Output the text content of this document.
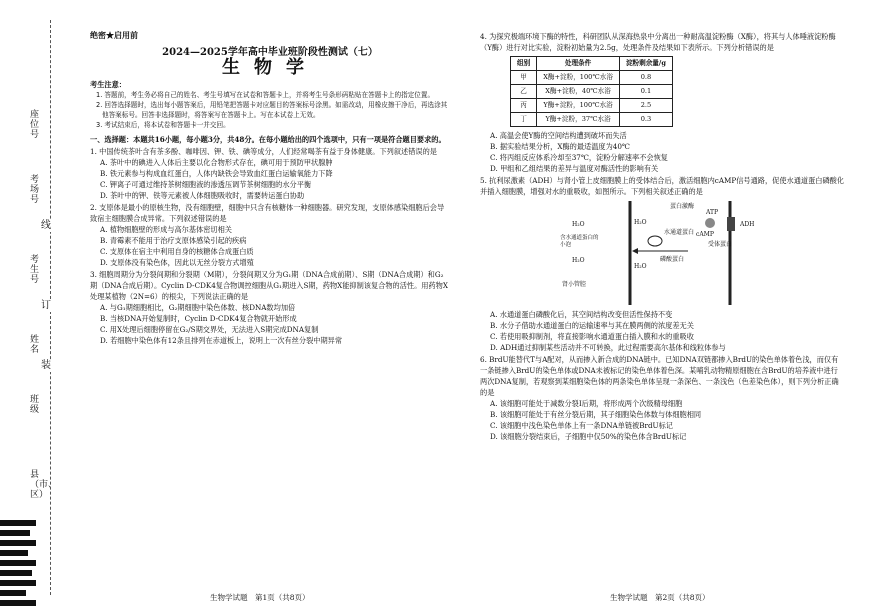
座位号
考场号
考生号
姓名
班级
县（市、区）
线
订
装
绝密★启用前
2024—2025学年高中毕业班阶段性测试（七）
生物学
考生注意：

1. 答题前，考生务必将自己的姓名、考生号填写在试卷和答题卡上，并将考生号条形码粘贴在答题卡上的指定位置。

2. 回答选择题时，选出每小题答案后，用铅笔把答题卡对应题目的答案标号涂黑。如需改动，用橡皮擦干净后，再选涂其他答案标号。回答非选择题时，将答案写在答题卡上。写在本试卷上无效。

3. 考试结束后，将本试卷和答题卡一并交回。

一、选择题：本题共16小题，每小题3分，共48分。在每小题给出的四个选项中，只有一项是符合题目要求的。

1. 中国传统茶叶含有茶多酚、咖啡因、钾、铁、碘等成分，人们经常喝茶有益于身体健康。下列叙述错误的是

A. 茶叶中的碘进入人体后主要以化合物形式存在，碘可用于预防甲状腺肿

B. 铁元素参与构成血红蛋白，人体内缺铁会导致血红蛋白运输氧能力下降

C. 钾离子可通过维持茶树细胞液的渗透压调节茶树细胞的水分平衡

D. 茶叶中的钾、铁等元素被人体细胞吸收时，需要转运蛋白协助

2. 支原体是最小的原核生物，没有细胞壁，细胞中只含有核糖体一种细胞器。研究发现，支原体感染细胞后会导致宿主细胞膜合成异常。下列叙述错误的是

A. 植物细胞壁的形成与高尔基体密切相关

B. 青霉素不能用于治疗支原体感染引起的疾病

C. 支原体在宿主中利用自身的核糖体合成蛋白质

D. 支原体没有染色体，因此以无丝分裂方式增殖

3. 细胞周期分为分裂间期和分裂期（M期），分裂间期又分为G₁期（DNA合成前期）、S期（DNA合成期）和G₂期（DNA合成后期）。Cyclin D-CDK4复合物调控细胞从G₁期进入S期，药物X能抑制该复合物的活性。用药物X处理某植物（2N=6）的根尖，下列说法正确的是

A. 与G₁期细胞相比，G₂期细胞中染色体数、核DNA数均加倍

B. 当核DNA开始复制时，Cyclin D-CDK4复合物就开始形成

C. 用X处理后细胞停留在G₂/S期交界处，无法进入S期完成DNA复制

D. 若细胞中染色体有12条且排列在赤道板上，说明上一次有丝分裂中期异常

生物学试题　第1页（共8页）

4. 为探究极端环境下酶的特性，科研团队从深海热泉中分离出一种耐高温淀粉酶（X酶），将其与人体唾液淀粉酶（Y酶）进行对比实验，淀粉初始量为2.5g，处理条件及结果如下表所示。下列分析错误的是

组别	处理条件	淀粉剩余量/g
甲	X酶+淀粉，100℃水浴	0.8
乙	X酶+淀粉，40℃水浴	0.1
丙	Y酶+淀粉，100℃水浴	2.5
丁	Y酶+淀粉，37℃水浴	0.3

A. 高温会使Y酶的空间结构遭到破坏而失活

B. 据实验结果分析，X酶的最适温度为40℃

C. 将丙组反应体系冷却至37℃，淀粉分解速率不会恢复

D. 甲组和乙组结果的差异与温度对酶活性的影响有关

5. 抗利尿激素（ADH）与肾小管上皮细胞膜上的受体结合后，激活细胞内cAMP信号通路，促使水通道蛋白磷酸化并插入细胞膜，增强对水的重吸收，如图所示。下列相关叙述正确的是

H₂O
H₂O
H₂O
H₂O
含水通道蛋白的小泡
蛋白激酶
ATP
cAMP
受体蛋白
水通道蛋白
磷酸蛋白
ADH
肾小管腔

A. 水通道蛋白磷酸化后，其空间结构改变但活性保持不变

B. 水分子借助水通道蛋白的运输速率与其在膜两侧的浓度差无关

C. 若使用吸抑制剂，将直接影响水通道蛋白插入膜和水的重吸收

D. ADH通过抑制某些活动并不可转换，此过程需要高尔基体和线粒体参与

6. BrdU能替代T与A配对，从而掺入新合成的DNA链中。已知DNA双链都掺入BrdU的染色单体着色浅，而仅有一条链掺入BrdU的染色单体或DNA未被标记的染色单体着色深。某哺乳动物精原细胞在含BrdU的培养液中进行两次DNA复制，若观察到某细胞染色体的两条染色单体呈现一条深色、一条浅色（色差染色体），则下列分析正确的是

A. 该细胞可能处于减数分裂Ⅰ后期，将形成两个次级精母细胞

B. 该细胞可能处于有丝分裂后期，其子细胞染色体数与体细胞相同

C. 该细胞中浅色染色单体上有一条DNA单链被BrdU标记

D. 该细胞分裂结束后，子细胞中仅50%的染色体含BrdU标记

生物学试题　第2页（共8页）
